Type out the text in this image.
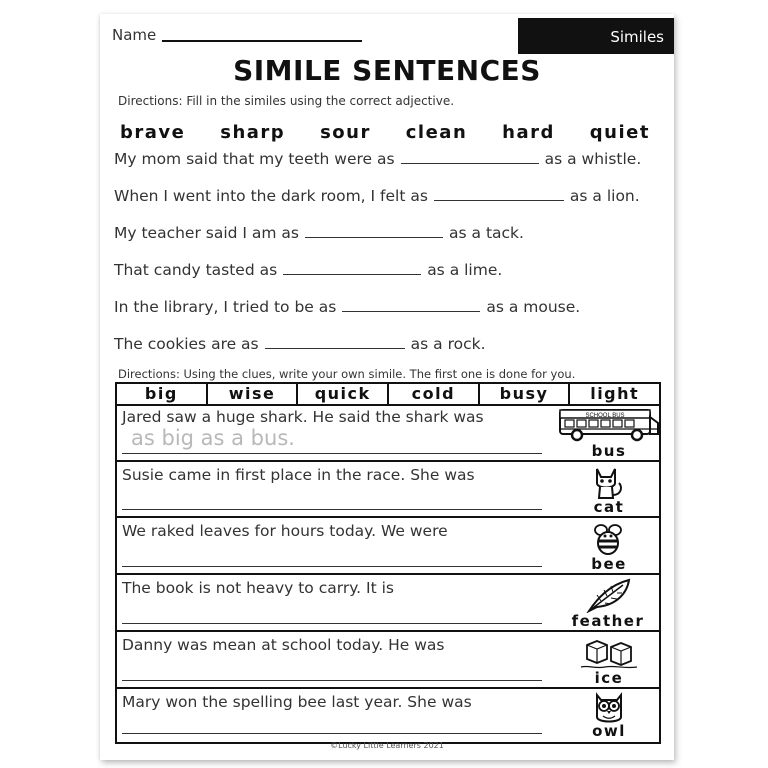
Name	Similes
SIMILE SENTENCES
Directions: Fill in the similes using the correct adjective.
brave sharp sour clean hard quiet
My mom said that my teeth were as	as a whistle.
When I went into the dark room, I felt as	as a lion.
My teacher said I am as	as a tack.
That candy tasted as	as a lime.
In the library, I tried to be as	as a mouse.
The cookies are as	as a rock.
Directions: Using the clues, write your own simile. The first one is done for you.
big	wise	quick	cold	busy	light
Jared saw a huge shark. He said the shark was
as big as a bus.
SCHOOL BUS
bus
Susie came in first place in the race. She was
cat
We raked leaves for hours today. We were
bee
The book is not heavy to carry. It is
feather
Danny was mean at school today. He was
ice
Mary won the spelling bee last year. She was
owl
©Lucky Little Learners 2021
